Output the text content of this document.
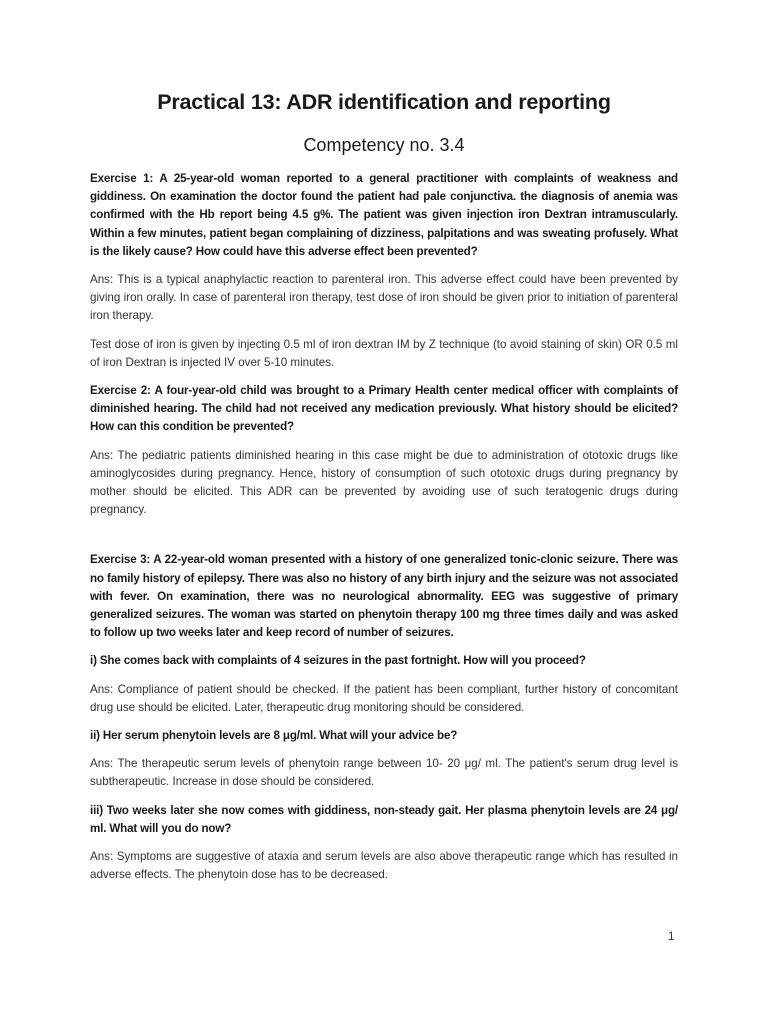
Practical 13: ADR identification and reporting
Competency no. 3.4

Exercise 1: A 25-year-old woman reported to a general practitioner with complaints of weakness and giddiness. On examination the doctor found the patient had pale conjunctiva. the diagnosis of anemia was confirmed with the Hb report being 4.5 g%. The patient was given injection iron Dextran intramuscularly. Within a few minutes, patient began complaining of dizziness, palpitations and was sweating profusely. What is the likely cause? How could have this adverse effect been prevented?

Ans: This is a typical anaphylactic reaction to parenteral iron. This adverse effect could have been prevented by giving iron orally. In case of parenteral iron therapy, test dose of iron should be given prior to initiation of parenteral iron therapy.

Test dose of iron is given by injecting 0.5 ml of iron dextran IM by Z technique (to avoid staining of skin) OR 0.5 ml of iron Dextran is injected IV over 5-10 minutes.

Exercise 2: A four-year-old child was brought to a Primary Health center medical officer with complaints of diminished hearing. The child had not received any medication previously. What history should be elicited? How can this condition be prevented?

Ans: The pediatric patients diminished hearing in this case might be due to administration of ototoxic drugs like aminoglycosides during pregnancy. Hence, history of consumption of such ototoxic drugs during pregnancy by mother should be elicited. This ADR can be prevented by avoiding use of such teratogenic drugs during pregnancy.

Exercise 3: A 22-year-old woman presented with a history of one generalized tonic-clonic seizure. There was no family history of epilepsy. There was also no history of any birth injury and the seizure was not associated with fever. On examination, there was no neurological abnormality. EEG was suggestive of primary generalized seizures. The woman was started on phenytoin therapy 100 mg three times daily and was asked to follow up two weeks later and keep record of number of seizures.

i) She comes back with complaints of 4 seizures in the past fortnight. How will you proceed?

Ans: Compliance of patient should be checked. If the patient has been compliant, further history of concomitant drug use should be elicited. Later, therapeutic drug monitoring should be considered.

ii) Her serum phenytoin levels are 8 μg/ml. What will your advice be?

Ans: The therapeutic serum levels of phenytoin range between 10- 20 μg/ ml. The patient's serum drug level is subtherapeutic. Increase in dose should be considered.

iii) Two weeks later she now comes with giddiness, non-steady gait. Her plasma phenytoin levels are 24 μg/ ml. What will you do now?

Ans: Symptoms are suggestive of ataxia and serum levels are also above therapeutic range which has resulted in adverse effects. The phenytoin dose has to be decreased.

1
